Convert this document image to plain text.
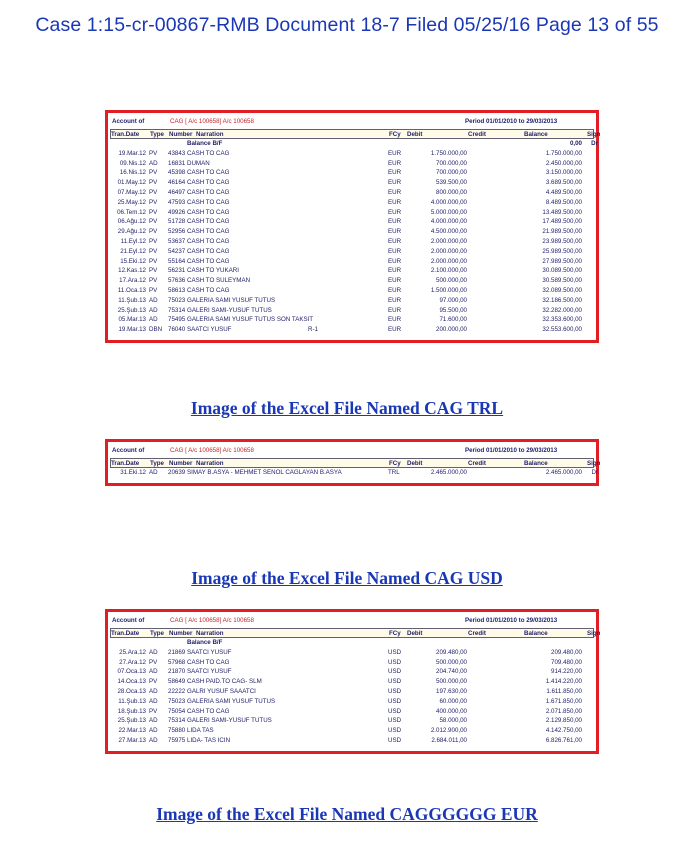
Case 1:15-cr-00867-RMB Document 18-7 Filed 05/25/16 Page 13 of 55
Account of	CAG [ A/c 100658] A/c 100658	Period 01/01/2010 to 29/03/2013
Tran.Date Type Number	FCy Debit	Credit	Balance	Sign
Narration
Balance B/F	0,00	Dr
19.Mar.12 PV 43843 CASH TO CAG	EUR	1.750.000,00	1.750.000,00
09.Nis.12 AD 16831 DUMAN	EUR	700.000,00	2.450.000,00
16.Nis.12 PV 45398 CASH TO CAG	EUR	700.000,00	3.150.000,00
01.May.12 PV 46164 CASH TO CAG	EUR	539.500,00	3.689.500,00
07.May.12 PV 46497 CASH TO CAG	EUR	800.000,00	4.489.500,00
25.May.12 PV 47593 CASH TO CAG	EUR	4.000.000,00	8.489.500,00
06.Tem.12 PV 49926 CASH TO CAG	EUR	5.000.000,00	13.489.500,00
06.Ağu.12 PV 51728 CASH TO CAG	EUR	4.000.000,00	17.489.500,00
29.Ağu.12 PV 52956 CASH TO CAG	EUR	4.500.000,00	21.989.500,00
11.Eyl.12 PV 53637 CASH TO CAG	EUR	2.000.000,00	23.989.500,00
21.Eyl.12 PV 54237 CASH TO CAG	EUR	2.000.000,00	25.989.500,00
15.Eki.12 PV 55164 CASH TO CAG	EUR	2.000.000,00	27.989.500,00
12.Kas.12 PV 56231 CASH TO YUKARI	EUR	2.100.000,00	30.089.500,00
17.Ara.12 PV 57636 CASH TO SULEYMAN	EUR	500.000,00	30.589.500,00
11.Oca.13 PV 58613 CASH TO CAG	EUR	1.500.000,00	32.089.500,00
11.Şub.13 AD 75023 GALERIA SAMI YUSUF TUTUS	EUR	97.000,00	32.186.500,00
25.Şub.13 AD 75314 GALERI SAMI-YUSUF TUTUS	EUR	95.500,00	32.282.000,00
05.Mar.13 AD 75495 GALERIA SAMI YUSUF TUTUS SON TAKSIT	EUR	71.600,00	32.353.600,00
19.Mar.13 DBN 76040 SAATCI YUSUF	R-1	EUR	200.000,00	32.553.600,00
Image of the Excel File Named CAG TRL
Account of	CAG [ A/c 100658] A/c 100658	Period 01/01/2010 to 29/03/2013
Tran.Date Type Number	FCy Debit	Credit	Balance	Sign
Narration
31.Eki.12 AD 20639 SIMAY B.ASYA - MEHMET SENOL CAGLAYAN B.ASYA	TRL	2.465.000,00	2.465.000,00	Dr
Image of the Excel File Named CAG USD
Account of	CAG [ A/c 100658] A/c 100658	Period 01/01/2010 to 29/03/2013
Tran.Date Type Number	FCy Debit	Credit	Balance	Sign
Narration
Balance B/F
25.Ara.12 AD 21869 SAATCI YUSUF	USD	209.480,00	209.480,00
27.Ara.12 PV 57968 CASH TO CAG	USD	500.000,00	709.480,00
07.Oca.13 AD 21870 SAATCI YUSUF	USD	204.740,00	914.220,00
14.Oca.13 PV 58649 CASH PAID.TO CAG- SLM	USD	500.000,00	1.414.220,00
28.Oca.13 AD 22222 GALRI YUSUF SAAATCI	USD	197.630,00	1.611.850,00
11.Şub.13 AD 75023 GALERIA SAMI YUSUF TUTUS	USD	60.000,00	1.671.850,00
18.Şub.13 PV 75054 CASH TO CAG	USD	400.000,00	2.071.850,00
25.Şub.13 AD 75314 GALERI SAMI-YUSUF TUTUS	USD	58.000,00	2.129.850,00
22.Mar.13 AD 75880 LIDA TAS	USD	2.012.900,00	4.142.750,00
27.Mar.13 AD 75975 LIDA- TAS ICIN	USD	2.684.011,00	6.826.761,00
Image of the Excel File Named CAGGGGGG EUR
